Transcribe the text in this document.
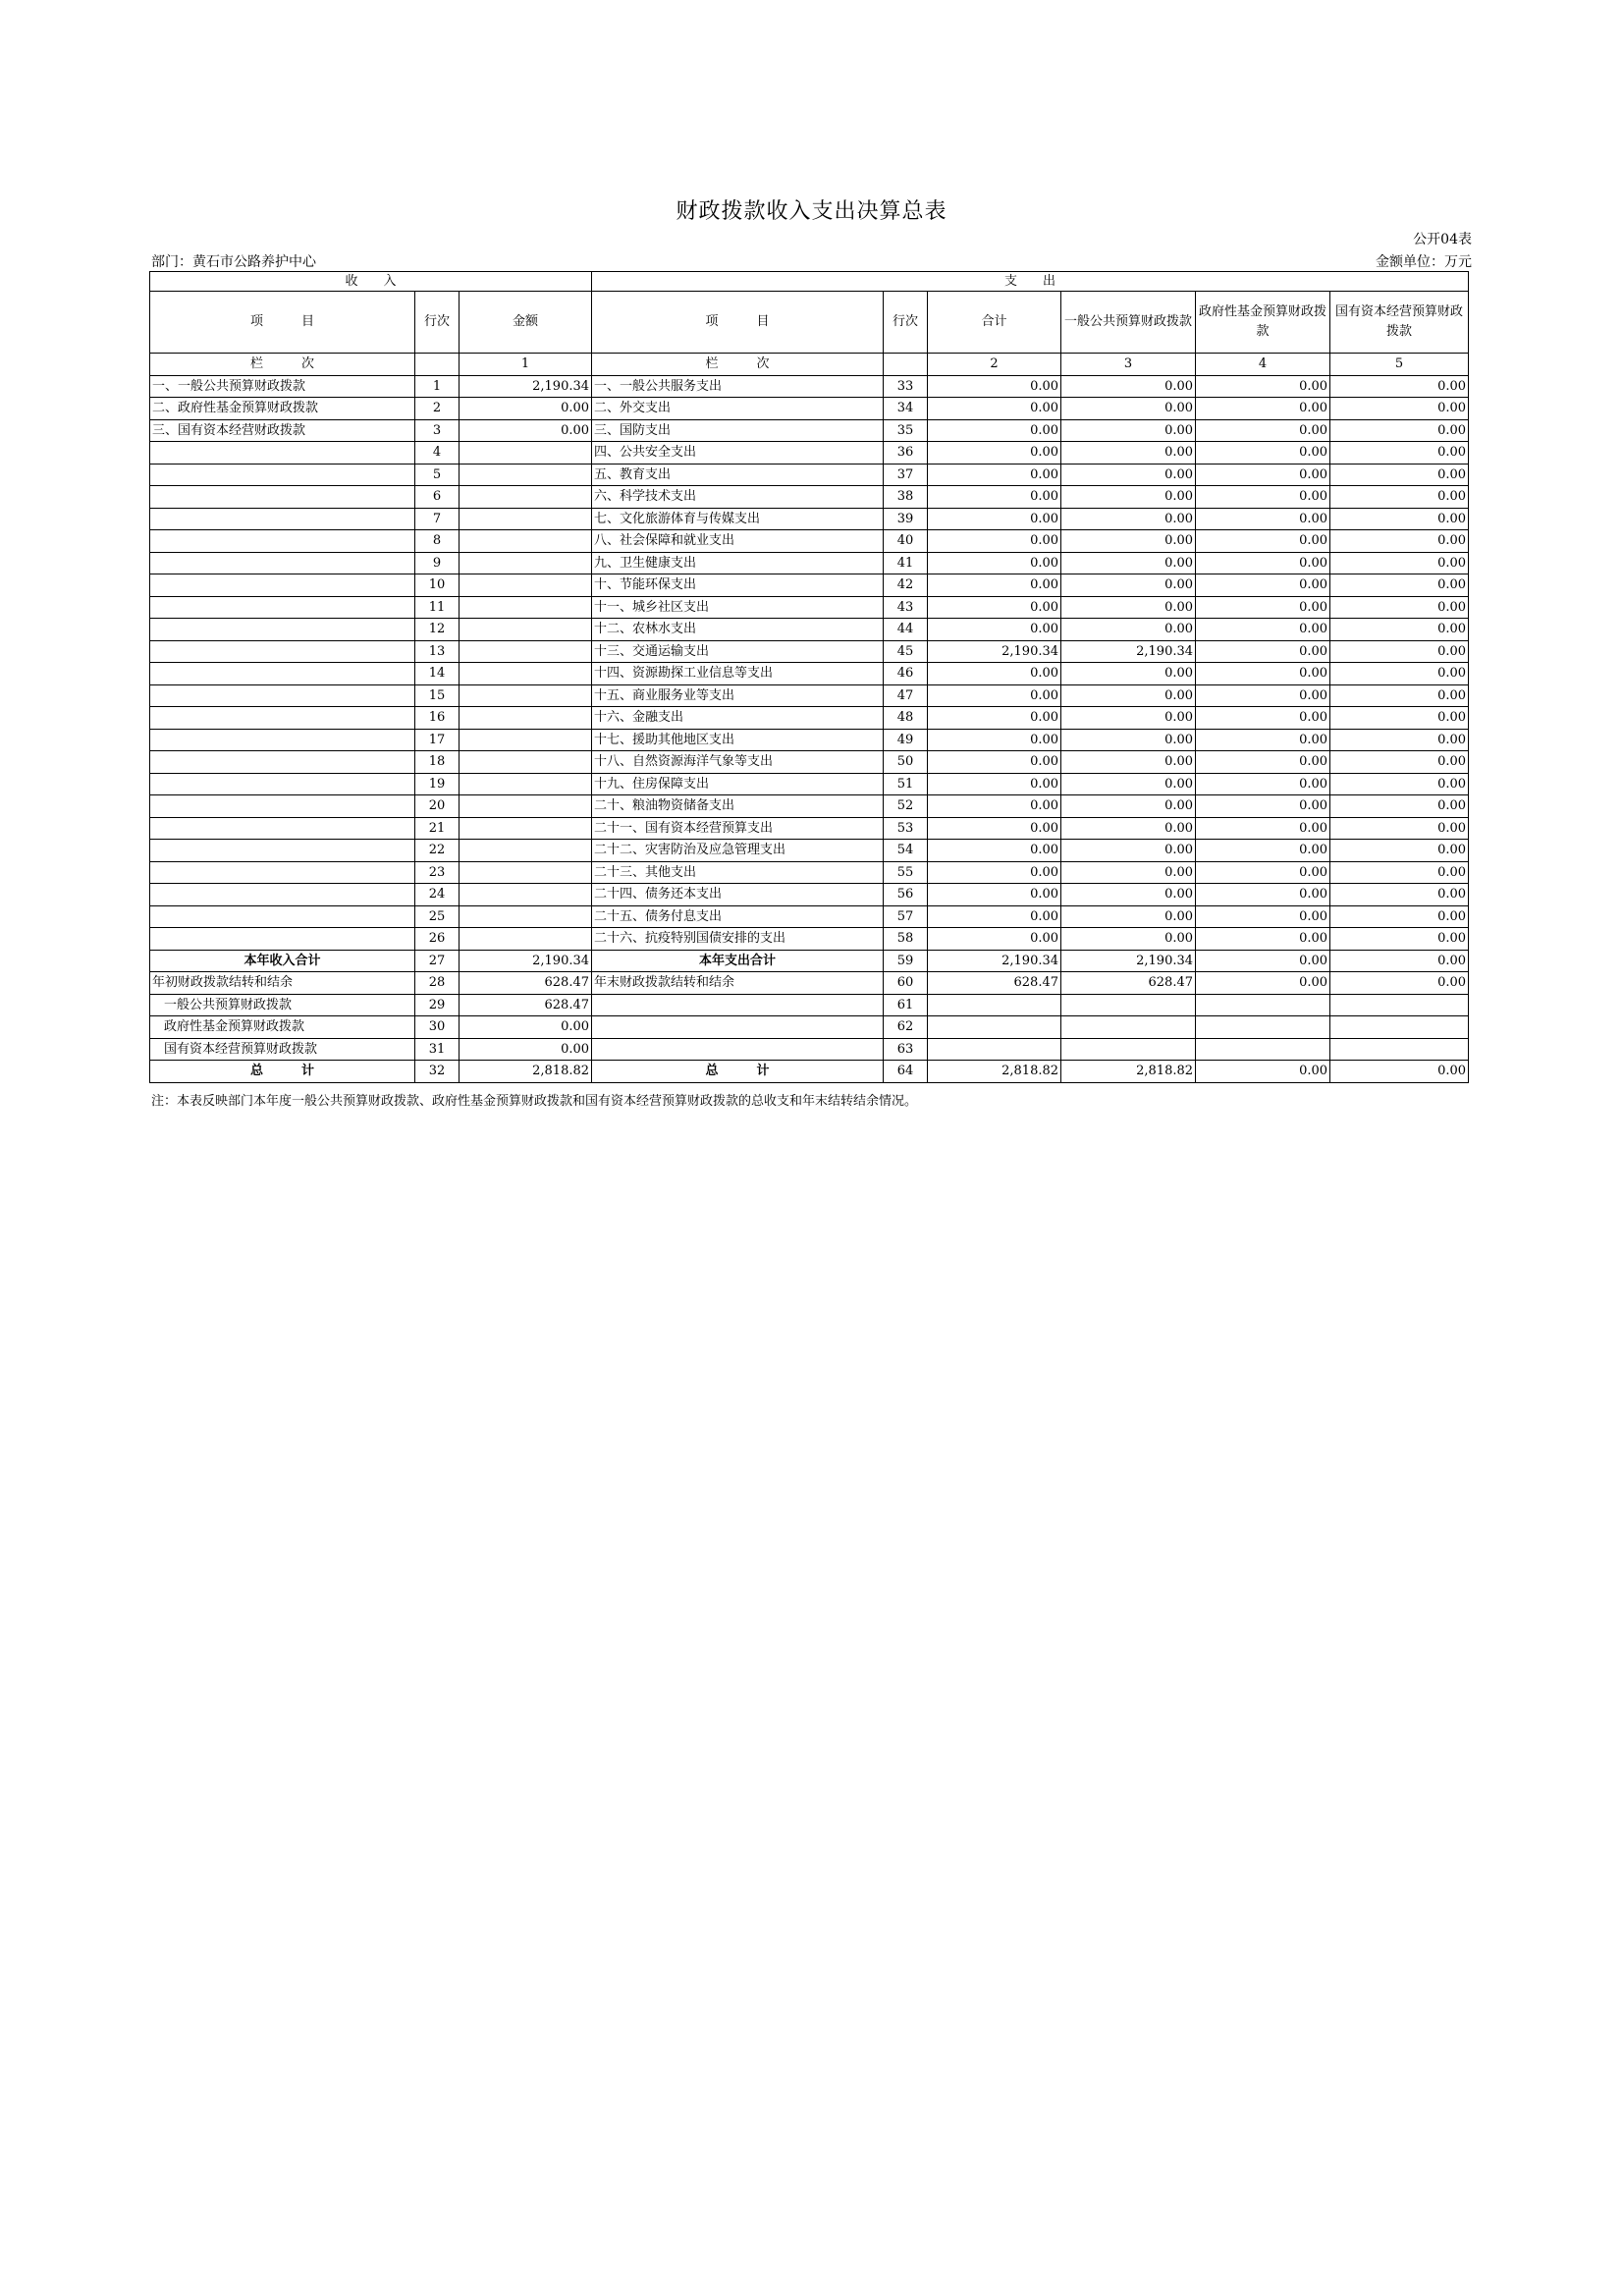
财政拨款收入支出决算总表
公开04表
部门：黄石市公路养护中心	金额单位：万元
收　　入			支　　出					
项　　　目	行次	金额	项　　　目	行次	合计	一般公共预算财政拨款	政府性基金预算财政拨款	国有资本经营预算财政拨款
栏　　　次		1	栏　　　次		2	3	4	5
一、一般公共预算财政拨款	1	2,190.34	一、一般公共服务支出	33	0.00	0.00	0.00	0.00
二、政府性基金预算财政拨款	2	0.00	二、外交支出	34	0.00	0.00	0.00	0.00
三、国有资本经营财政拨款	3	0.00	三、国防支出	35	0.00	0.00	0.00	0.00
	4		四、公共安全支出	36	0.00	0.00	0.00	0.00
	5		五、教育支出	37	0.00	0.00	0.00	0.00
	6		六、科学技术支出	38	0.00	0.00	0.00	0.00
	7		七、文化旅游体育与传媒支出	39	0.00	0.00	0.00	0.00
	8		八、社会保障和就业支出	40	0.00	0.00	0.00	0.00
	9		九、卫生健康支出	41	0.00	0.00	0.00	0.00
	10		十、节能环保支出	42	0.00	0.00	0.00	0.00
	11		十一、城乡社区支出	43	0.00	0.00	0.00	0.00
	12		十二、农林水支出	44	0.00	0.00	0.00	0.00
	13		十三、交通运输支出	45	2,190.34	2,190.34	0.00	0.00
	14		十四、资源勘探工业信息等支出	46	0.00	0.00	0.00	0.00
	15		十五、商业服务业等支出	47	0.00	0.00	0.00	0.00
	16		十六、金融支出	48	0.00	0.00	0.00	0.00
	17		十七、援助其他地区支出	49	0.00	0.00	0.00	0.00
	18		十八、自然资源海洋气象等支出	50	0.00	0.00	0.00	0.00
	19		十九、住房保障支出	51	0.00	0.00	0.00	0.00
	20		二十、粮油物资储备支出	52	0.00	0.00	0.00	0.00
	21		二十一、国有资本经营预算支出	53	0.00	0.00	0.00	0.00
	22		二十二、灾害防治及应急管理支出	54	0.00	0.00	0.00	0.00
	23		二十三、其他支出	55	0.00	0.00	0.00	0.00
	24		二十四、债务还本支出	56	0.00	0.00	0.00	0.00
	25		二十五、债务付息支出	57	0.00	0.00	0.00	0.00
	26		二十六、抗疫特别国债安排的支出	58	0.00	0.00	0.00	0.00
本年收入合计	27	2,190.34	本年支出合计	59	2,190.34	2,190.34	0.00	0.00
年初财政拨款结转和结余	28	628.47	年末财政拨款结转和结余	60	628.47	628.47	0.00	0.00
一般公共预算财政拨款	29	628.47		61				
政府性基金预算财政拨款	30	0.00		62				
国有资本经营预算财政拨款	31	0.00		63				
总　　　计	32	2,818.82	总　　　计	64	2,818.82	2,818.82	0.00	0.00
注：本表反映部门本年度一般公共预算财政拨款、政府性基金预算财政拨款和国有资本经营预算财政拨款的总收支和年末结转结余情况。
